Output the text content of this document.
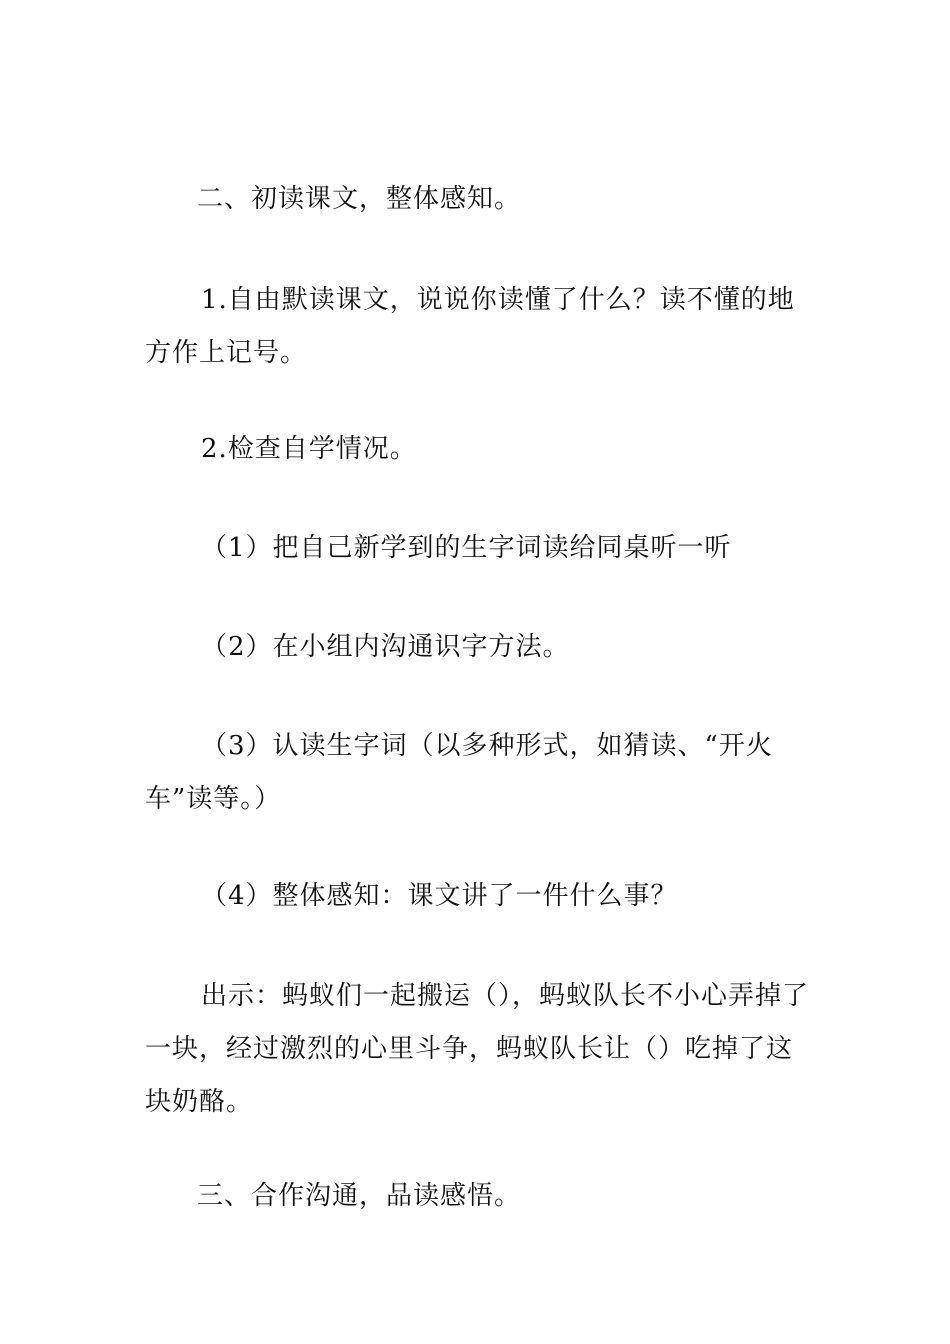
二、初读课文，整体感知。

1.自由默读课文，说说你读懂了什么？读不懂的地方作上记号。

2.检查自学情况。

（1）把自己新学到的生字词读给同桌听一听

（2）在小组内沟通识字方法。

（3）认读生字词（以多种形式，如猜读、“开火车”读等。）

（4）整体感知：课文讲了一件什么事？

出示：蚂蚁们一起搬运（），蚂蚁队长不小心弄掉了一块，经过激烈的心里斗争，蚂蚁队长让（）吃掉了这块奶酪。

三、合作沟通，品读感悟。
